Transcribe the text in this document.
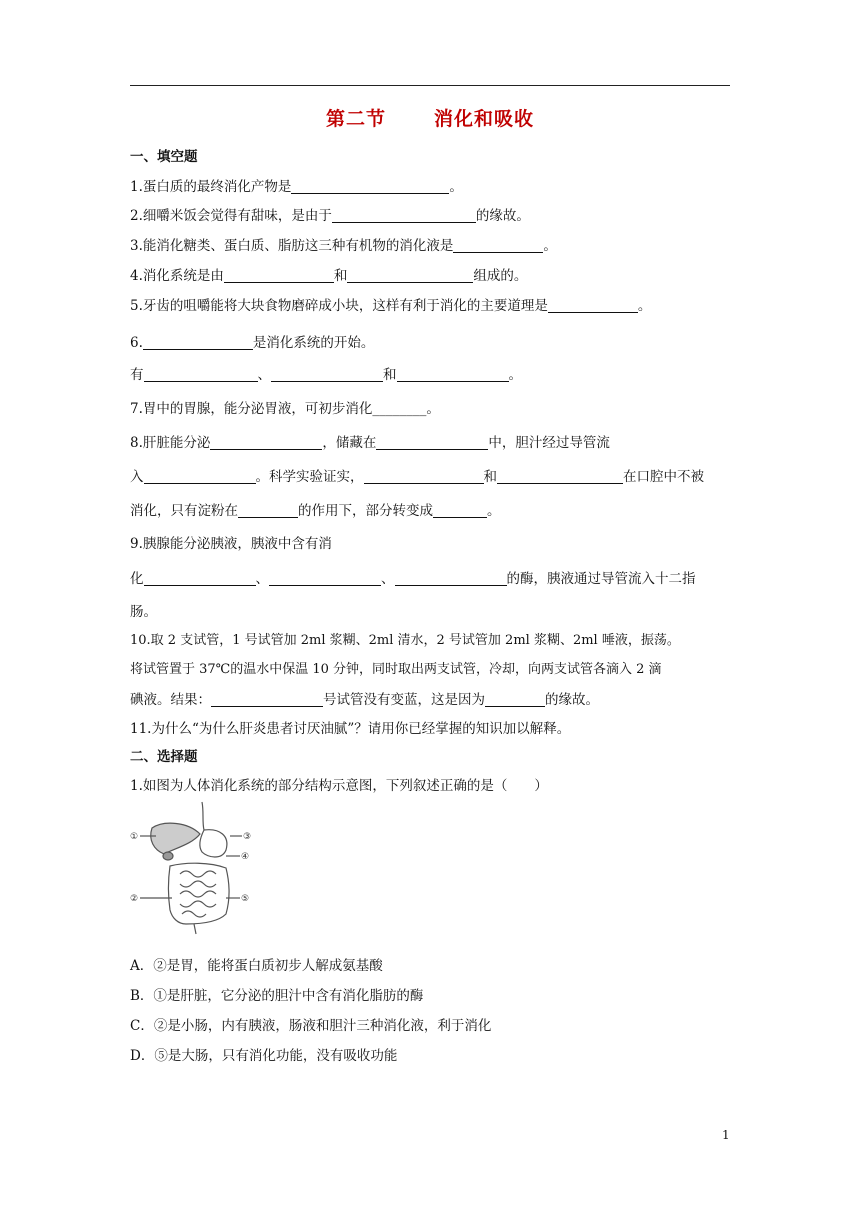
第二节	消化和吸收
一、填空题
1.蛋白质的最终消化产物是	。
2.细嚼米饭会觉得有甜味，是由于	的缘故。
3.能消化糖类、蛋白质、脂肪这三种有机物的消化液是	。
4.消化系统是由	和	组成的。
5.牙齿的咀嚼能将大块食物磨碎成小块，这样有利于消化的主要道理是	。
6.	是消化系统的开始。
有	、	和	。
7.胃中的胃腺，能分泌胃液，可初步消化________。
8.肝脏能分泌	，储藏在	中，胆汁经过导管流
入	。科学实验证实，	和	在口腔中不被
消化，只有淀粉在	的作用下，部分转变成	。
9.胰腺能分泌胰液，胰液中含有消
化	、	、	的酶，胰液通过导管流入十二指
肠。
10.取 2 支试管，1 号试管加 2ml 浆糊、2ml 清水，2 号试管加 2ml 浆糊、2ml 唾液，振荡。
将试管置于 37℃的温水中保温 10 分钟，同时取出两支试管，冷却，向两支试管各滴入 2 滴
碘液。结果：	号试管没有变蓝，这是因为	的缘故。
11.为什么“为什么肝炎患者讨厌油腻”？请用你已经掌握的知识加以解释。
二、选择题
1.如图为人体消化系统的部分结构示意图，下列叙述正确的是（　　）
①
②
③
④
⑤
A．②是胃，能将蛋白质初步人解成氨基酸
B．①是肝脏，它分泌的胆汁中含有消化脂肪的酶
C．②是小肠，内有胰液，肠液和胆汁三种消化液，利于消化
D．⑤是大肠，只有消化功能，没有吸收功能
1
